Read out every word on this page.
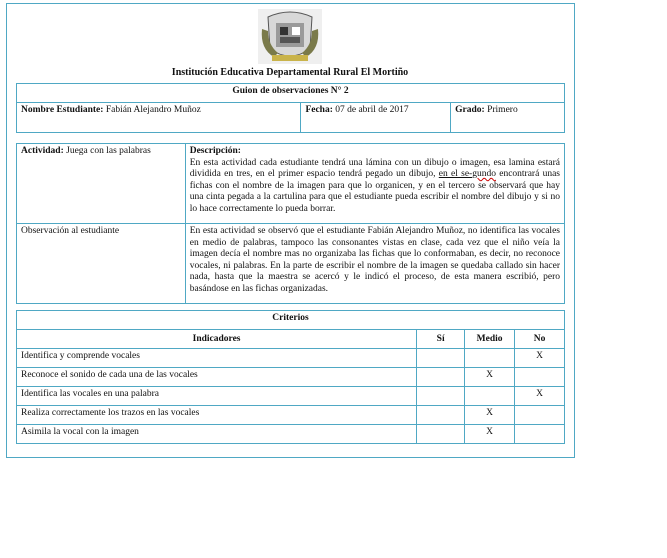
Institución Educativa Departamental Rural El Mortiño
Guion de observaciones N° 2
Nombre Estudiante: Fabián Alejandro Muñoz	Fecha: 07 de abril de 2017	Grado: Primero
Actividad: Juega con las palabras	Descripción:
En esta actividad cada estudiante tendrá una lámina con un dibujo o imagen, esa lamina estará dividida en tres, en el primer espacio tendrá pegado un dibujo, en el se-gundo encontrará unas fichas con el nombre de la imagen para que lo organicen, y en el tercero se observará que hay una cinta pegada a la cartulina para que el estudiante pueda escribir el nombre del dibujo y si no lo hace correctamente lo pueda borrar.
Observación al estudiante	En esta actividad se observó que el estudiante Fabián Alejandro Muñoz, no identifica las vocales en medio de palabras, tampoco las consonantes vistas en clase, cada vez que el niño veía la imagen decía el nombre mas no organizaba las fichas que lo conformaban, es decir, no reconoce vocales, ni palabras. En la parte de escribir el nombre de la imagen se quedaba callado sin hacer nada, hasta que la maestra se acercó y le indicó el proceso, de esta manera escribió, pero basándose en las fichas organizadas.
Criterios			
Indicadores	Sí	Medio	No
Identifica y comprende vocales			X
Reconoce el sonido de cada una de las vocales		X	
Identifica las vocales en una palabra			X
Realiza correctamente los trazos en las vocales		X	
Asimila la vocal con la imagen		X	
